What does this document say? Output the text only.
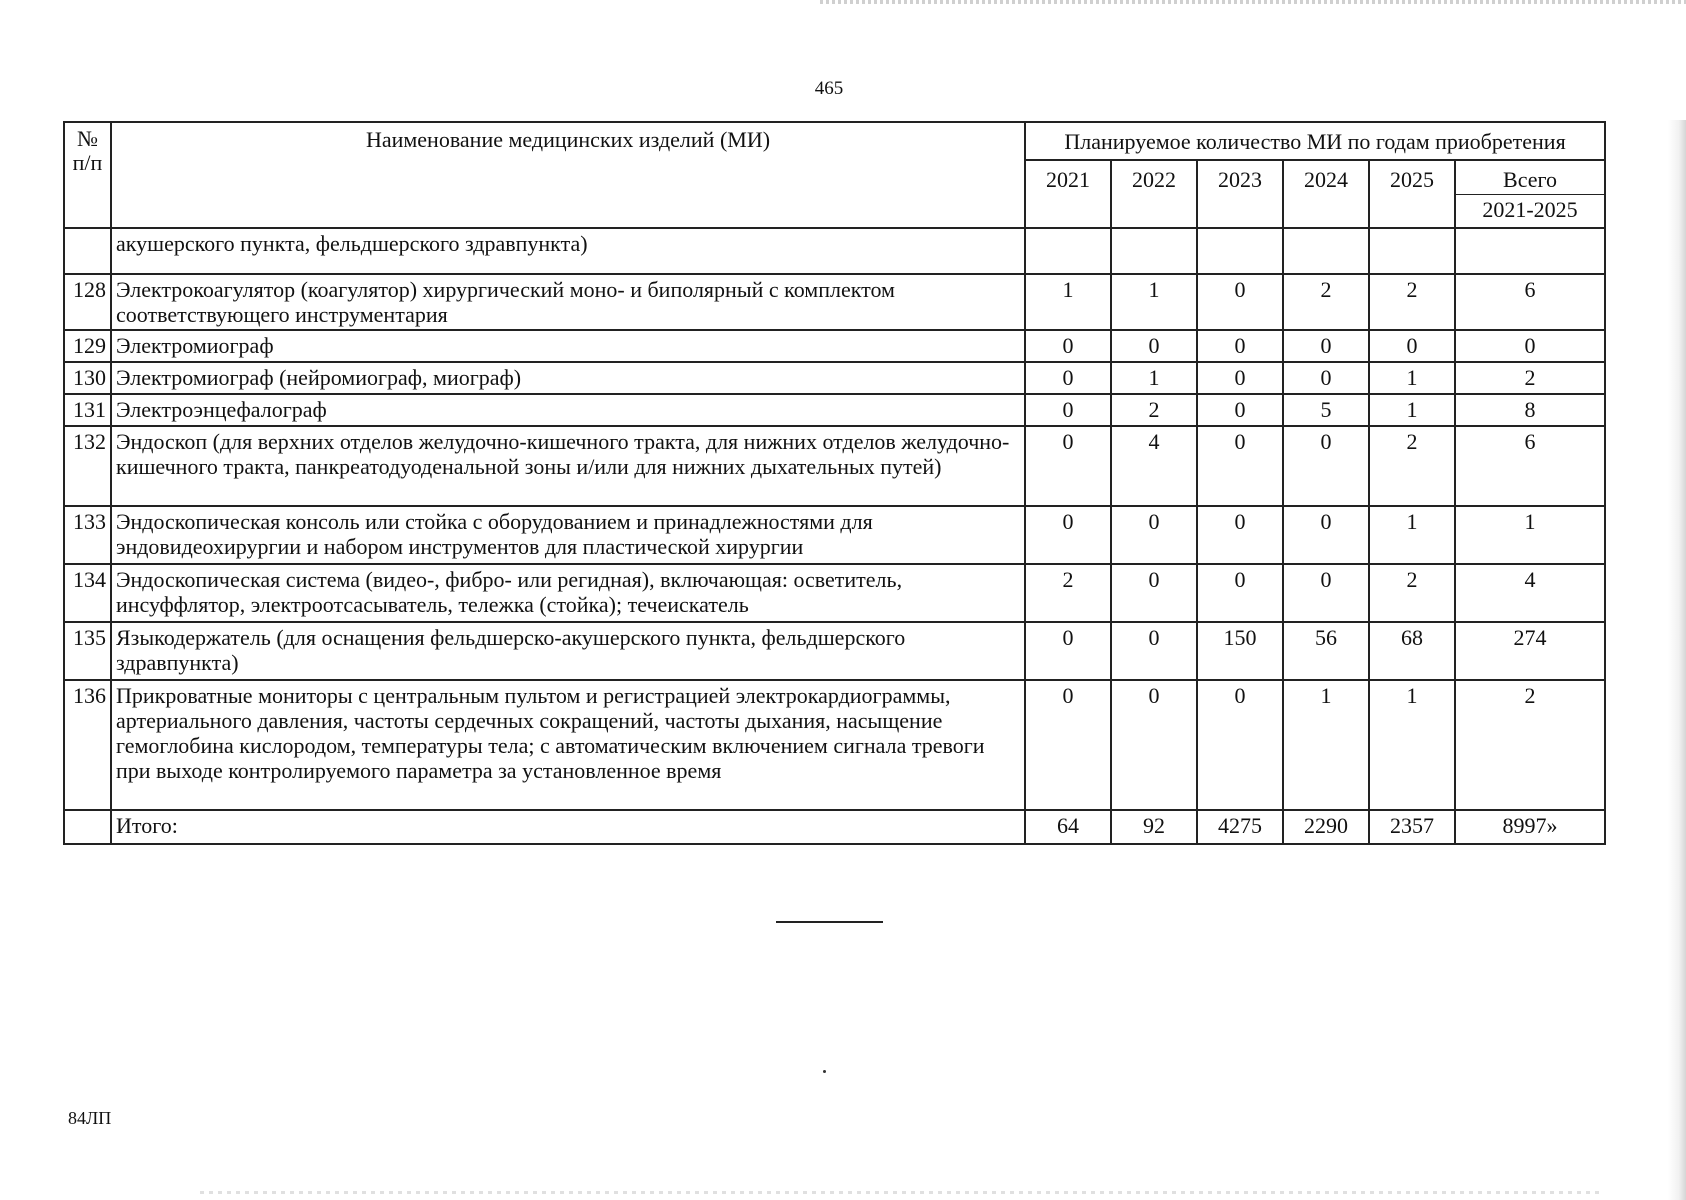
465
№ п/п	Наименование медицинских изделий (МИ)	Планируемое количество МИ по годам приобретения					
		2021	2022	2023	2024	2025	Всего
							2021-2025
	акушерского пункта, фельдшерского здравпункта)						
128	Электрокоагулятор (коагулятор) хирургический моно- и биполярный с комплектом соответствующего инструментария	1	1	0	2	2	6
129	Электромиограф	0	0	0	0	0	0
130	Электромиограф (нейромиограф, миограф)	0	1	0	0	1	2
131	Электроэнцефалограф	0	2	0	5	1	8
132	Эндоскоп (для верхних отделов желудочно-кишечного тракта, для нижних отделов желудочно-кишечного тракта, панкреатодуоденальной зоны и/или для нижних дыхательных путей)	0	4	0	0	2	6
133	Эндоскопическая консоль или стойка с оборудованием и принадлежностями для эндовидеохирургии и набором инструментов для пластической хирургии	0	0	0	0	1	1
134	Эндоскопическая система (видео-, фибро- или регидная), включающая: осветитель, инсуффлятор, электроотсасыватель, тележка (стойка); течеискатель	2	0	0	0	2	4
135	Языкодержатель (для оснащения фельдшерско-акушерского пункта, фельдшерского здравпункта)	0	0	150	56	68	274
136	Прикроватные мониторы с центральным пультом и регистрацией электрокардиограммы, артериального давления, частоты сердечных сокращений, частоты дыхания, насыщение гемоглобина кислородом, температуры тела; с автоматическим включением сигнала тревоги при выходе контролируемого параметра за установленное время	0	0	0	1	1	2
	Итого:	64	92	4275	2290	2357	8997»
84ЛП
